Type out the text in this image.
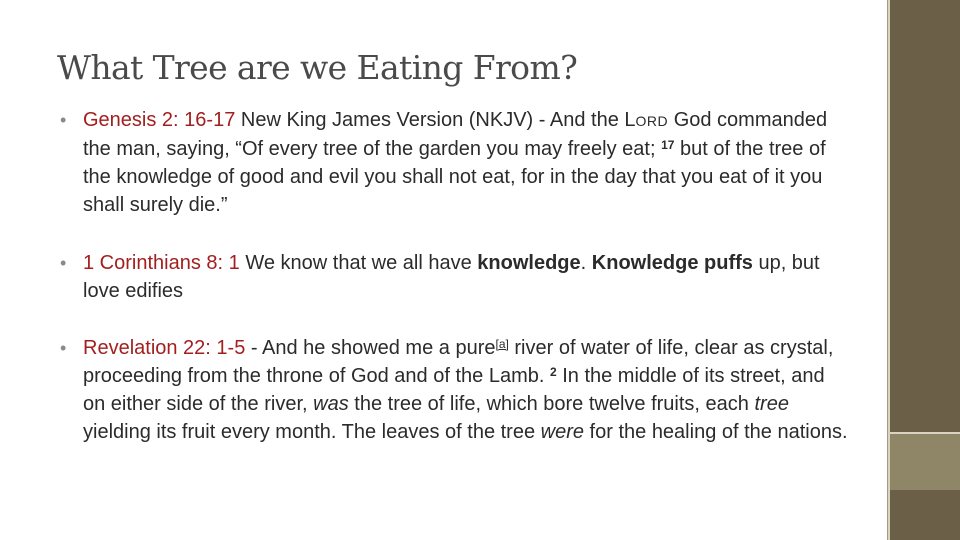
What Tree are we Eating From?
• Genesis 2: 16-17 New King James Version (NKJV) - And the LORD God commanded the man, saying, “Of every tree of the garden you may freely eat; $^{17}$ but of the tree of the knowledge of good and evil you shall not eat, for in the day that you eat of it you shall surely die.”
• 1 Corinthians 8: 1 We know that we all have knowledge. Knowledge puffs up, but love edifies
• Revelation 22: 1-5 - And he showed me a pure[a] river of water of life, clear as crystal, proceeding from the throne of God and of the Lamb. $^2$ In the middle of its street, and on either side of the river, was the tree of life, which bore twelve fruits, each tree yielding its fruit every month. The leaves of the tree were for the healing of the nations.
